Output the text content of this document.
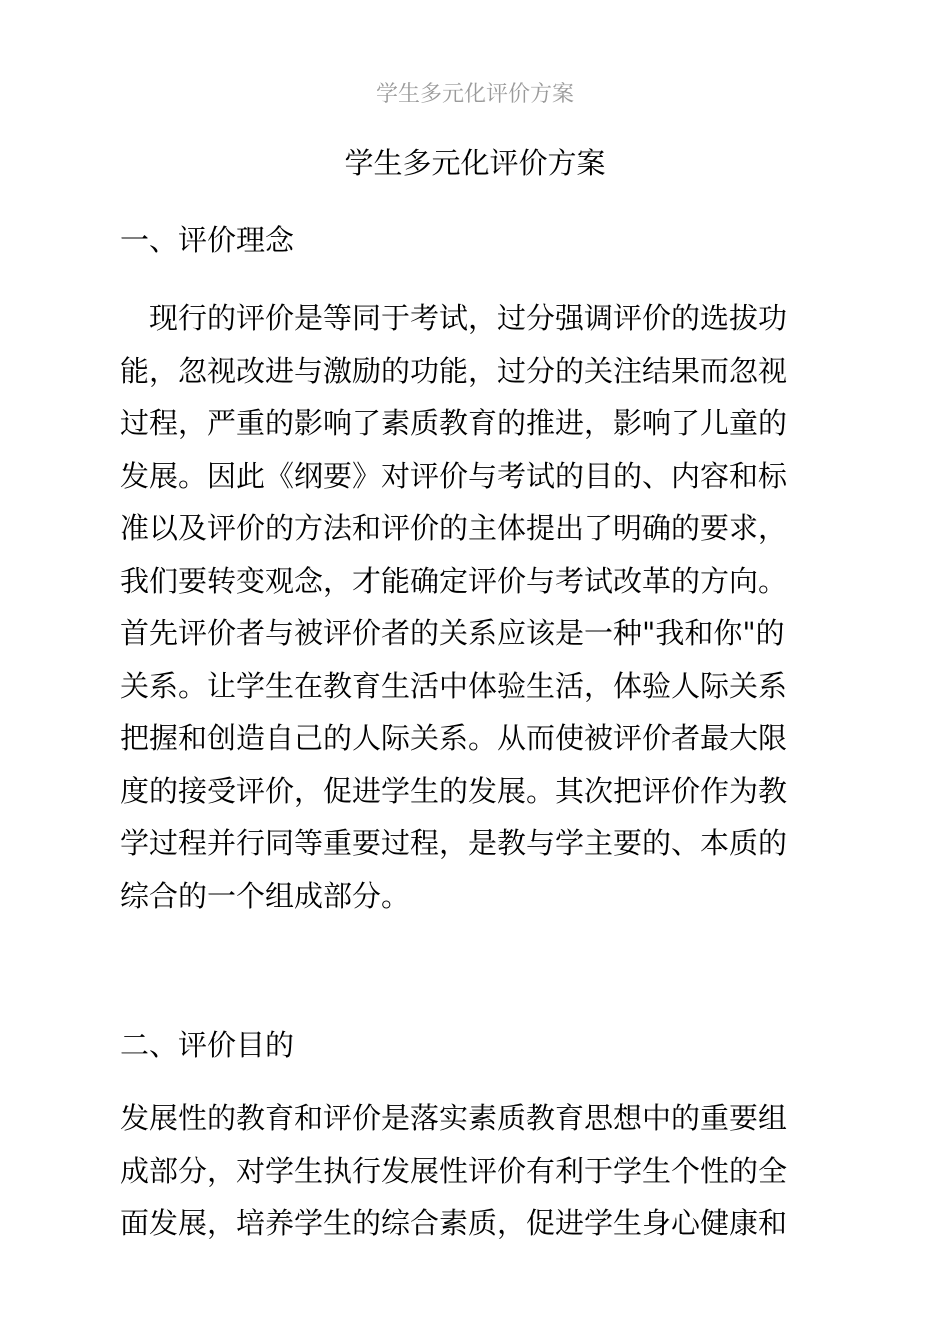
学生多元化评价方案
学生多元化评价方案
一、评价理念
　现行的评价是等同于考试，过分强调评价的选拔功
能，忽视改进与激励的功能，过分的关注结果而忽视
过程，严重的影响了素质教育的推进，影响了儿童的
发展。因此《纲要》对评价与考试的目的、内容和标
准以及评价的方法和评价的主体提出了明确的要求，
我们要转变观念，才能确定评价与考试改革的方向。
首先评价者与被评价者的关系应该是一种"我和你"的
关系。让学生在教育生活中体验生活，体验人际关系
把握和创造自己的人际关系。从而使被评价者最大限
度的接受评价，促进学生的发展。其次把评价作为教
学过程并行同等重要过程，是教与学主要的、本质的
综合的一个组成部分。
二、评价目的
发展性的教育和评价是落实素质教育思想中的重要组
成部分，对学生执行发展性评价有利于学生个性的全
面发展，培养学生的综合素质，促进学生身心健康和
